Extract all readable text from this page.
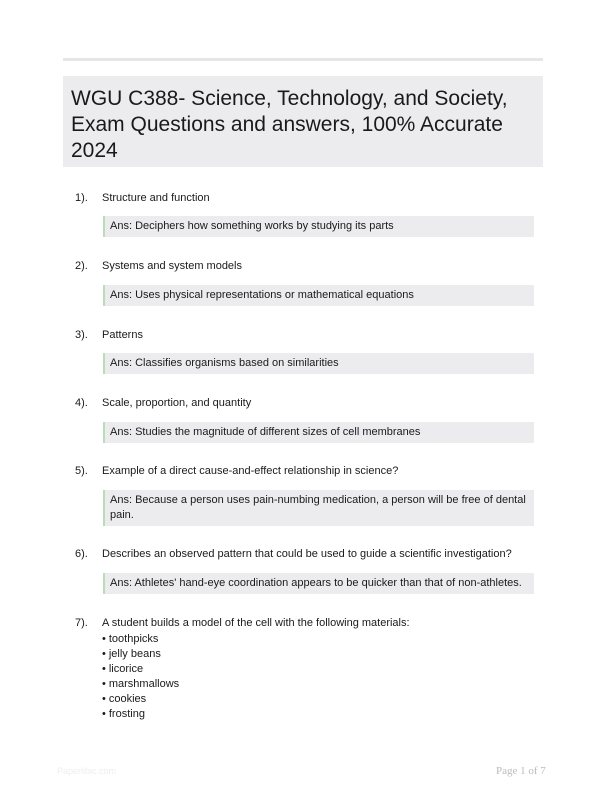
WGU C388- Science, Technology, and Society, Exam Questions and answers, 100% Accurate 2024
1). Structure and function
Ans: Deciphers how something works by studying its parts
2). Systems and system models
Ans: Uses physical representations or mathematical equations
3). Patterns
Ans: Classifies organisms based on similarities
4). Scale, proportion, and quantity
Ans: Studies the magnitude of different sizes of cell membranes
5). Example of a direct cause-and-effect relationship in science?
Ans: Because a person uses pain-numbing medication, a person will be free of dental pain.
6). Describes an observed pattern that could be used to guide a scientific investigation?
Ans: Athletes' hand-eye coordination appears to be quicker than that of non-athletes.
7). A student builds a model of the cell with the following materials:
• toothpicks
• jelly beans
• licorice
• marshmallows
• cookies
• frosting
Paperlibic.com	Page 1 of 7
